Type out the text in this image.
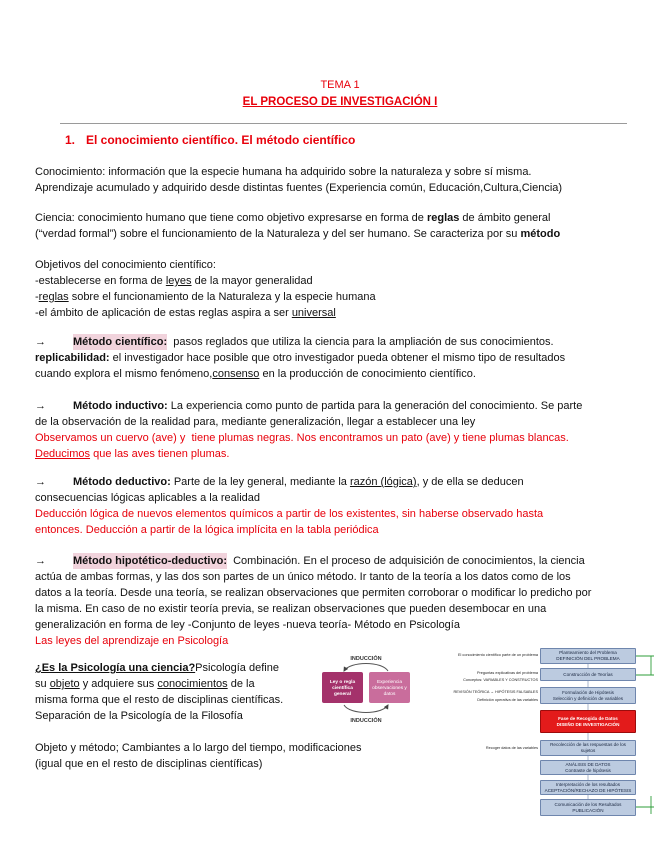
TEMA 1
EL PROCESO DE INVESTIGACIÓN I
1. El conocimiento científico. El método científico
Conocimiento: información que la especie humana ha adquirido sobre la naturaleza y sobre sí misma.
Aprendizaje acumulado y adquirido desde distintas fuentes (Experiencia común, Educación,Cultura,Ciencia)
Ciencia: conocimiento humano que tiene como objetivo expresarse en forma de reglas de ámbito general
(“verdad formal”) sobre el funcionamiento de la Naturaleza y del ser humano. Se caracteriza por su método
Objetivos del conocimiento científico:
-establecerse en forma de leyes de la mayor generalidad
- reglas sobre el funcionamiento de la Naturaleza y la especie humana
-el ámbito de aplicación de estas reglas aspira a ser universal
→	Método científico: pasos reglados que utiliza la ciencia para la ampliación de sus conocimientos.
replicabilidad: el investigador hace posible que otro investigador pueda obtener el mismo tipo de resultados
cuando explora el mismo fenómeno, consenso en la producción de conocimiento científico.
→	Método inductivo: La experiencia como punto de partida para la generación del conocimiento. Se parte
de la observación de la realidad para, mediante generalización, llegar a establecer una ley
Observamos un cuervo (ave) y  tiene plumas negras. Nos encontramos un pato (ave) y tiene plumas blancas.
Deducimos que las aves tienen plumas.
→	Método deductivo: Parte de la ley general, mediante la razón (lógica) , y de ella se deducen
consecuencias lógicas aplicables a la realidad
Deducción lógica de nuevos elementos químicos a partir de los existentes, sin haberse observado hasta
entonces. Deducción a partir de la lógica implícita en la tabla periódica
→	Método hipotético-deductivo: Combinación. En el proceso de adquisición de conocimientos, la ciencia
actúa de ambas formas, y las dos son partes de un único método. Ir tanto de la teoría a los datos como de los
datos a la teoría. Desde una teoría, se realizan observaciones que permiten corroborar o modificar lo predicho por
la misma. En caso de no existir teoría previa, se realizan observaciones que pueden desembocar en una
generalización en forma de ley -Conjunto de leyes -nueva teoría- Método en Psicología
Las leyes del aprendizaje en Psicología
¿Es la Psicología una ciencia? Psicología define
su objeto y adquiere sus conocimientos de la
misma forma que el resto de disciplinas científicas.
Separación de la Psicología de la Filosofía
Objeto y método; Cambiantes a lo largo del tiempo, modificaciones
(igual que en el resto de disciplinas científicas)
INDUCCIÓN
Ley o regla
científica
general
Experiencia
observaciones y
datos
INDUCCIÓN
El conocimiento científico parte de un problema
Preguntas explicativas del problema
Conceptos: VARIABLES Y CONSTRUCTOS
REVISIÓN TEÓRICA → HIPÓTESIS FALSABLES
Definición operativa de las variables
Recoger datos de las variables
Planteamiento del Problema
DEFINICIÓN DEL PROBLEMA
Construcción de Teorías
Formulación de Hipótesis
Selección y definición de variables
Fase de Recogida de Datos
DISEÑO DE INVESTIGACIÓN
Recolección de las respuestas de los
sujetos
ANÁLISIS DE DATOS
Contraste de hipótesis
Interpretación de los resultados
ACEPTACIÓN/RECHAZO DE HIPÓTESIS
Comunicación de los Resultados
PUBLICACIÓN
